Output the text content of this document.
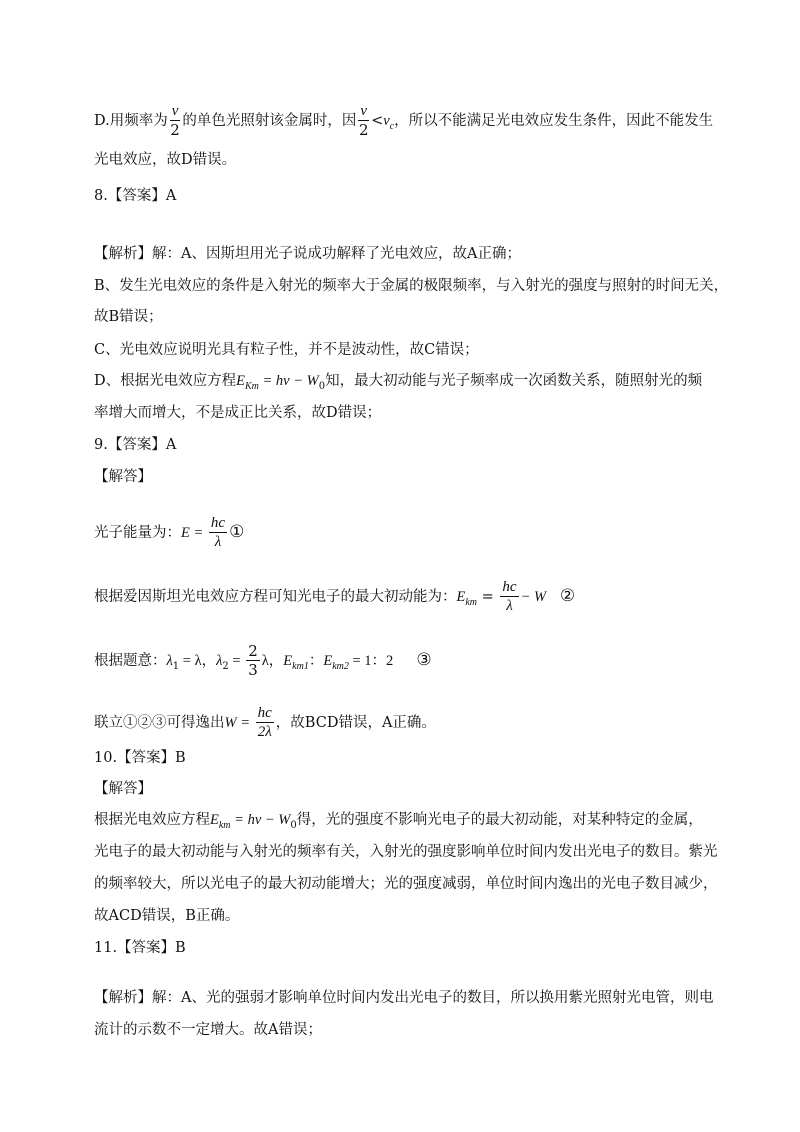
D.用频率为 $\frac{v}{2}$ 的单色光照射该金属时，因 $\frac{v}{2} <v_c$，所以不能满足光电效应发生条件，因此不能发生
光电效应，故D错误。
8.【答案】A
【解析】解：A、因斯坦用光子说成功解释了光电效应，故A正确；
B、发生光电效应的条件是入射光的频率大于金属的极限频率，与入射光的强度与照射的时间无关，
故B错误；
C、光电效应说明光具有粒子性，并不是波动性，故C错误；
D、根据光电效应方程$E_{Km} = h\nu - W_0$知，最大初动能与光子频率成一次函数关系，随照射光的频
率增大而增大，不是成正比关系，故D错误；
9.【答案】A
【解答】
光子能量为：$E = \frac{hc}{\lambda}$ ①
根据爱因斯坦光电效应方程可知光电子的最大初动能为：$E_{km} = \frac{hc}{\lambda} - W$ ②
根据题意：$\lambda_1 = \lambda$，$\lambda_2 = \frac{2}{3}$ λ，$E_{km1}$：$E_{km2} = 1$：2 ③
联立①②③可得逸出$W = \frac{hc}{2\lambda}$ ，故BCD错误，A正确。
10.【答案】B
【解答】
根据光电效应方程$E_{km} = h\nu - W_0$得，光的强度不影响光电子的最大初动能，对某种特定的金属，
光电子的最大初动能与入射光的频率有关，入射光的强度影响单位时间内发出光电子的数目。紫光
的频率较大，所以光电子的最大初动能增大；光的强度减弱，单位时间内逸出的光电子数目减少，
故ACD错误，B正确。
11.【答案】B
【解析】解：A、光的强弱才影响单位时间内发出光电子的数目，所以换用紫光照射光电管，则电
流计的示数不一定增大。故A错误；
